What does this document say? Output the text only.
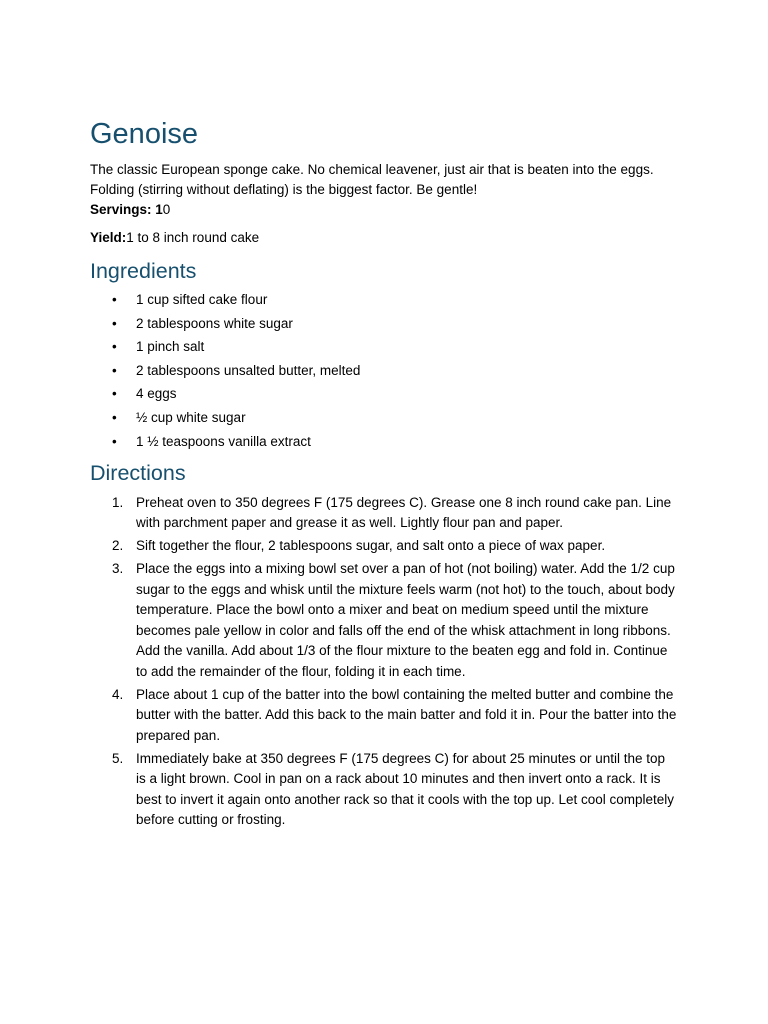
Genoise

The classic European sponge cake. No chemical leavener, just air that is beaten into the eggs. Folding (stirring without deflating) is the biggest factor. Be gentle!

Servings: 10

Yield:1 to 8 inch round cake

Ingredients
• 1 cup sifted cake flour
• 2 tablespoons white sugar
• 1 pinch salt
• 2 tablespoons unsalted butter, melted
• 4 eggs
• ½ cup white sugar
• 1 ½ teaspoons vanilla extract
Directions
1. Preheat oven to 350 degrees F (175 degrees C). Grease one 8 inch round cake pan. Line with parchment paper and grease it as well. Lightly flour pan and paper.
2. Sift together the flour, 2 tablespoons sugar, and salt onto a piece of wax paper.
3. Place the eggs into a mixing bowl set over a pan of hot (not boiling) water. Add the 1/2 cup sugar to the eggs and whisk until the mixture feels warm (not hot) to the touch, about body temperature. Place the bowl onto a mixer and beat on medium speed until the mixture becomes pale yellow in color and falls off the end of the whisk attachment in long ribbons. Add the vanilla. Add about 1/3 of the flour mixture to the beaten egg and fold in. Continue to add the remainder of the flour, folding it in each time.
4. Place about 1 cup of the batter into the bowl containing the melted butter and combine the butter with the batter. Add this back to the main batter and fold it in. Pour the batter into the prepared pan.
5. Immediately bake at 350 degrees F (175 degrees C) for about 25 minutes or until the top is a light brown. Cool in pan on a rack about 10 minutes and then invert onto a rack. It is best to invert it again onto another rack so that it cools with the top up. Let cool completely before cutting or frosting.
